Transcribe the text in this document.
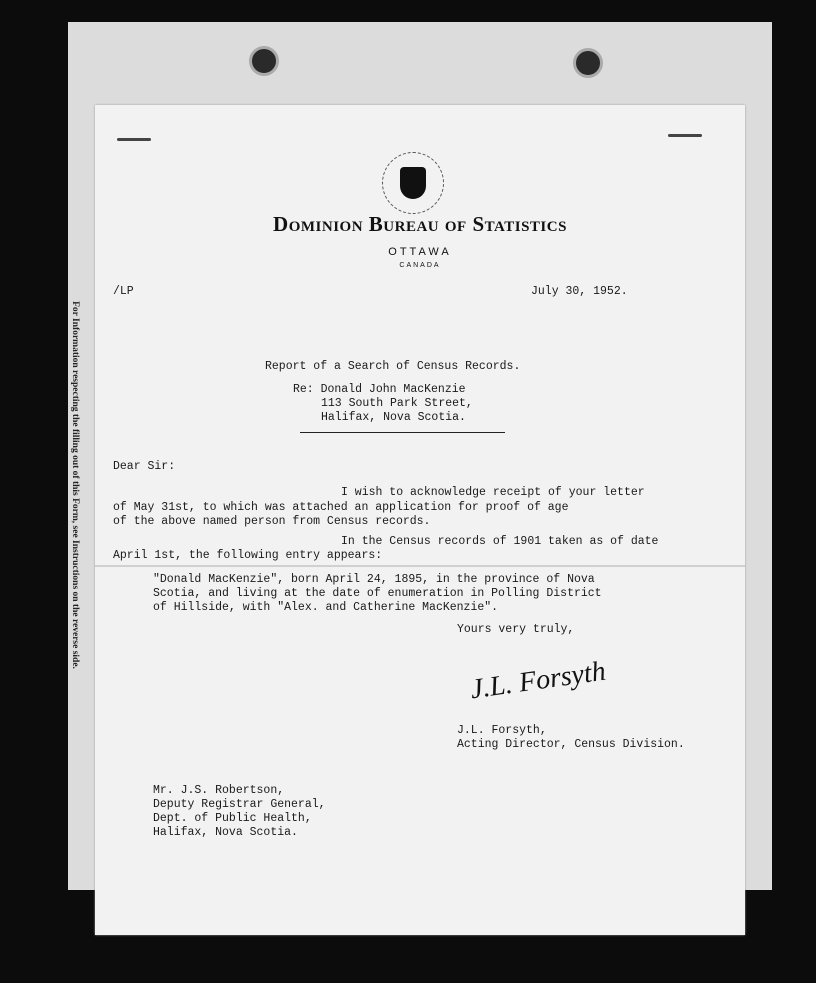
For Information respecting the filling out of this Form, see Instructions on the reverse side.
Dominion Bureau of Statistics
OTTAWA
CANADA
/LP	July 30, 1952.
Report of a Search of Census Records.
Re: Donald John MacKenzie
113 South Park Street,
Halifax, Nova Scotia.
Dear Sir:
I wish to acknowledge receipt of your letter
of May 31st, to which was attached an application for proof of age
of the above named person from Census records.
In the Census records of 1901 taken as of date
April 1st, the following entry appears:
"Donald MacKenzie", born April 24, 1895, in the province of Nova
Scotia, and living at the date of enumeration in Polling District
of Hillside, with "Alex. and Catherine MacKenzie".
Yours very truly,
J.L. Forsyth
J.L. Forsyth,
Acting Director, Census Division.
Mr. J.S. Robertson,
Deputy Registrar General,
Dept. of Public Health,
Halifax, Nova Scotia.
